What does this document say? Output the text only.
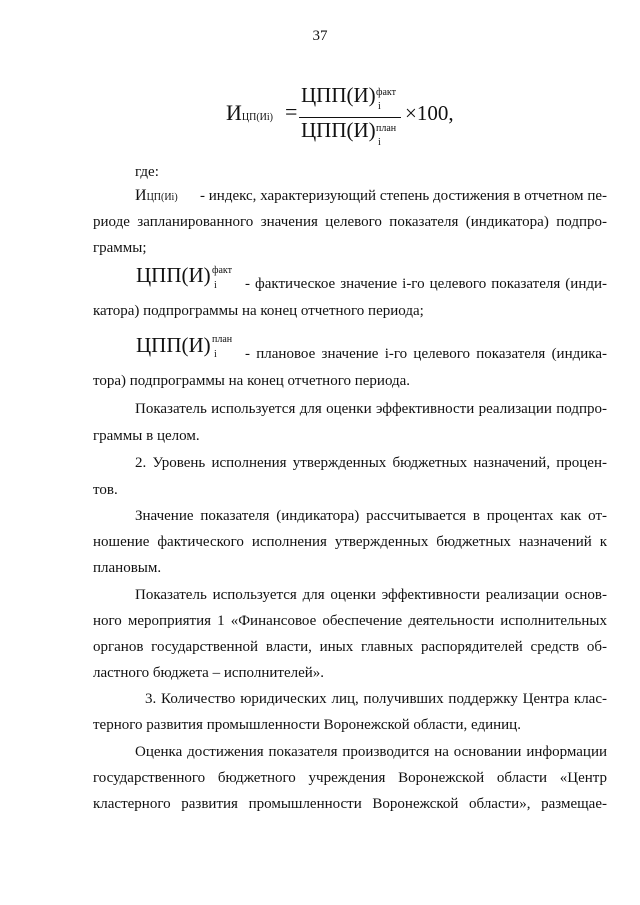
37
ИЦП(Иi) =
ЦПП(И) факт
i
ЦПП(И) план
i
×100,
где:
ИЦП(Иi) - индекс, характеризующий степень достижения в отчетном пе-
риоде запланированного значения целевого показателя (индикатора) подпро-
граммы;
ЦПП(И) факт
i - фактическое значение i-го целевого показателя (инди-
катора) подпрограммы на конец отчетного периода;
ЦПП(И) план
i - плановое значение i-го целевого показателя (индика-
тора) подпрограммы на конец отчетного периода.
Показатель используется для оценки эффективности реализации подпро-
граммы в целом.
2. Уровень исполнения утвержденных бюджетных назначений, процен-
тов.
Значение показателя (индикатора) рассчитывается в процентах как от-
ношение фактического исполнения утвержденных бюджетных назначений к
плановым.
Показатель используется для оценки эффективности реализации основ-
ного мероприятия 1 «Финансовое обеспечение деятельности исполнительных
органов государственной власти, иных главных распорядителей средств об-
ластного бюджета – исполнителей».
3. Количество юридических лиц, получивших поддержку Центра клас-
терного развития промышленности Воронежской области, единиц.
Оценка достижения показателя производится на основании информации
государственного бюджетного учреждения Воронежской области «Центр
кластерного развития промышленности Воронежской области», размещае-
